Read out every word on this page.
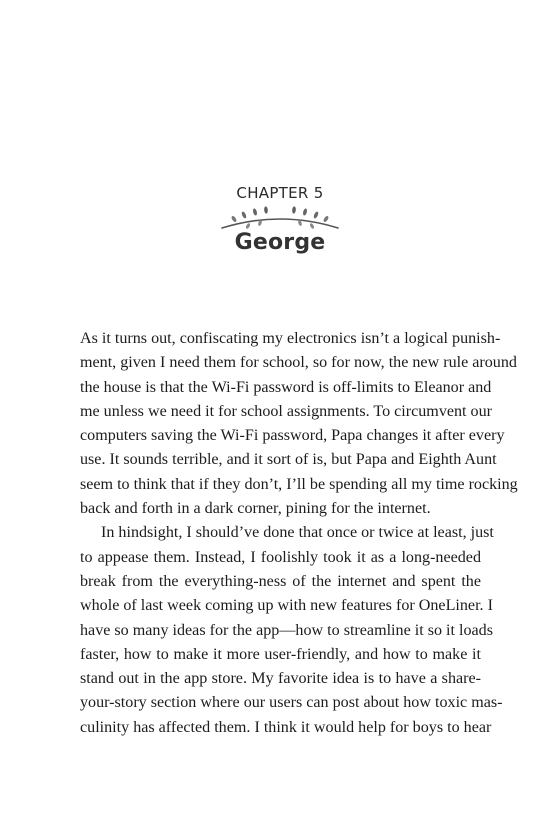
CHAPTER 5
George
As it turns out, confiscating my electronics isn’t a logical punish-
ment, given I need them for school, so for now, the new rule around
the house is that the Wi-Fi password is off-limits to Eleanor and
me unless we need it for school assignments. To circumvent our
computers saving the Wi-Fi password, Papa changes it after every
use. It sounds terrible, and it sort of is, but Papa and Eighth Aunt
seem to think that if they don’t, I’ll be spending all my time rocking
back and forth in a dark corner, pining for the internet.
In hindsight, I should’ve done that once or twice at least, just
to appease them. Instead, I foolishly took it as a long-needed
break from the everything-ness of the internet and spent the
whole of last week coming up with new features for OneLiner. I
have so many ideas for the app—how to streamline it so it loads
faster, how to make it more user-friendly, and how to make it
stand out in the app store. My favorite idea is to have a share-
your-story section where our users can post about how toxic mas-
culinity has affected them. I think it would help for boys to hear
